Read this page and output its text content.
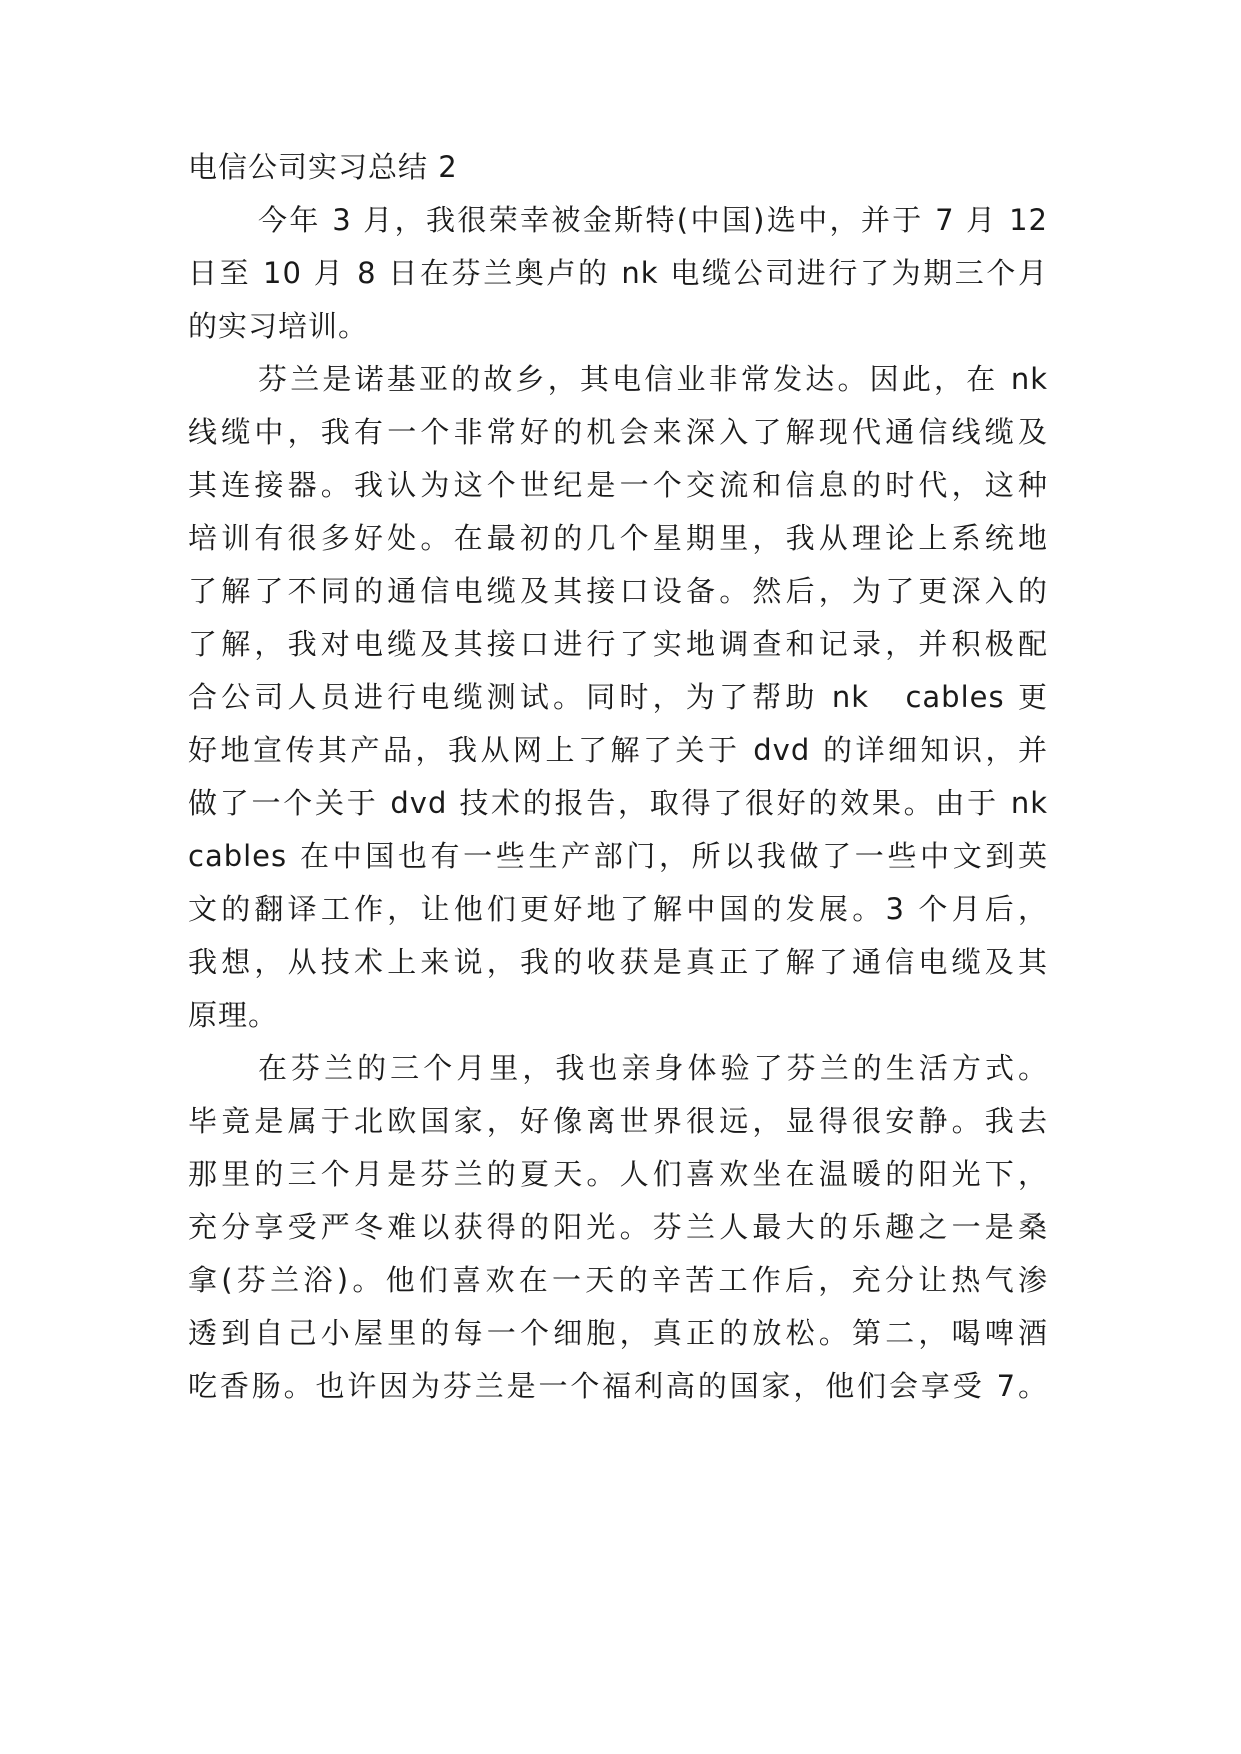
电信公司实习总结 2
今年 3 月，我很荣幸被金斯特(中国)选中，并于 7 月 12
日至 10 月 8 日在芬兰奥卢的 nk 电缆公司进行了为期三个月
的实习培训。
芬兰是诺基亚的故乡，其电信业非常发达。因此，在 nk
线缆中，我有一个非常好的机会来深入了解现代通信线缆及
其连接器。我认为这个世纪是一个交流和信息的时代，这种
培训有很多好处。在最初的几个星期里，我从理论上系统地
了解了不同的通信电缆及其接口设备。然后，为了更深入的
了解，我对电缆及其接口进行了实地调查和记录，并积极配
合公司人员进行电缆测试。同时，为了帮助 nk　cables 更
好地宣传其产品，我从网上了解了关于 dvd 的详细知识，并
做了一个关于 dvd 技术的报告，取得了很好的效果。由于 nk
cables 在中国也有一些生产部门，所以我做了一些中文到英
文的翻译工作，让他们更好地了解中国的发展。3 个月后，
我想，从技术上来说，我的收获是真正了解了通信电缆及其
原理。
在芬兰的三个月里，我也亲身体验了芬兰的生活方式。
毕竟是属于北欧国家，好像离世界很远，显得很安静。我去
那里的三个月是芬兰的夏天。人们喜欢坐在温暖的阳光下，
充分享受严冬难以获得的阳光。芬兰人最大的乐趣之一是桑
拿(芬兰浴)。他们喜欢在一天的辛苦工作后，充分让热气渗
透到自己小屋里的每一个细胞，真正的放松。第二，喝啤酒
吃香肠。也许因为芬兰是一个福利高的国家，他们会享受 7。
